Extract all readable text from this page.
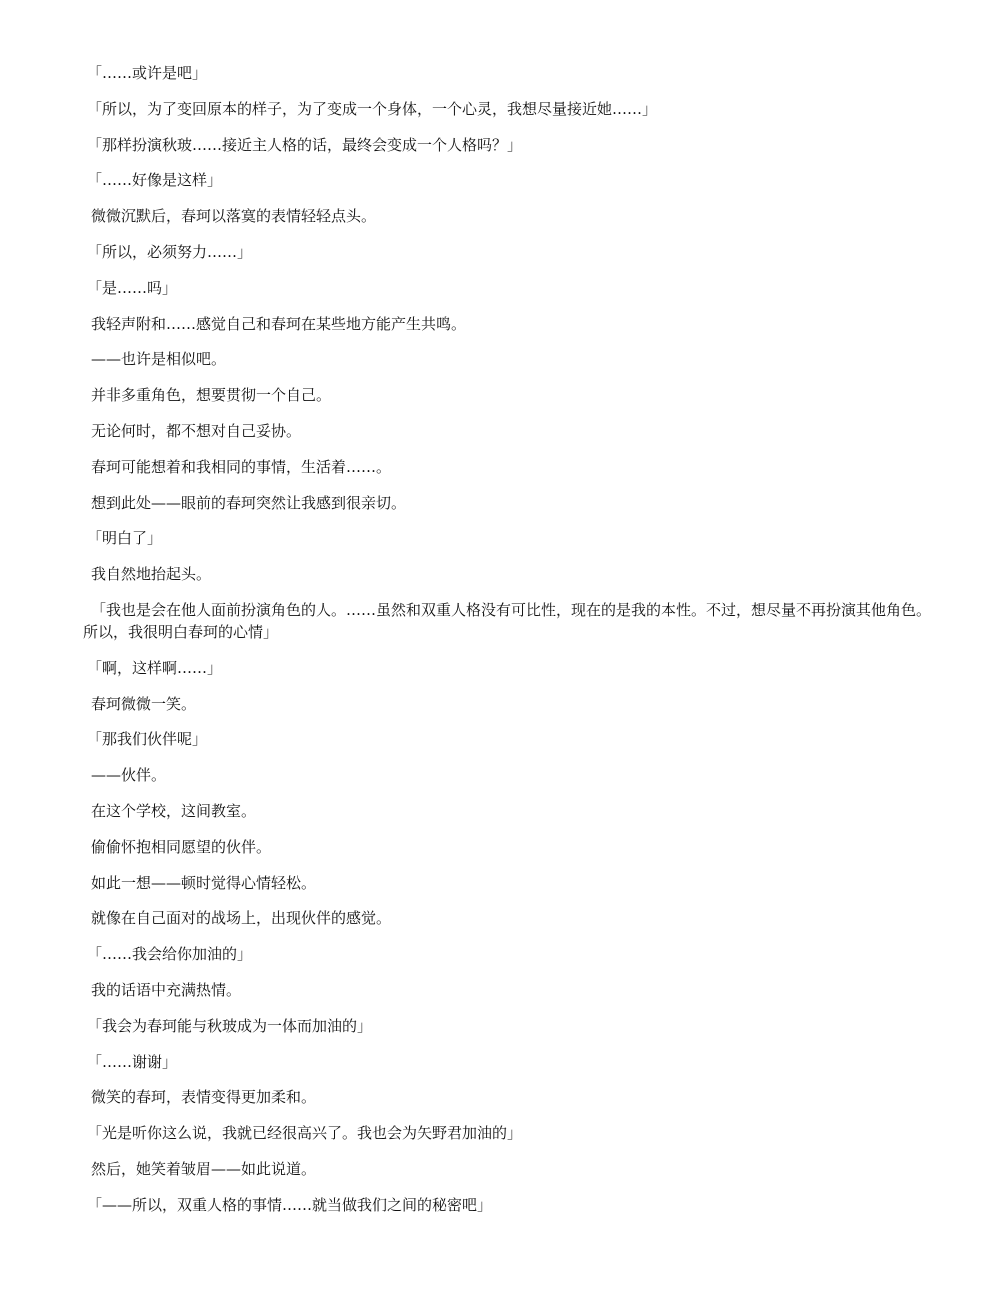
「……或许是吧」

「所以，为了变回原本的样子，为了变成一个身体，一个心灵，我想尽量接近她……」

「那样扮演秋玻……接近主人格的话，最终会变成一个人格吗？」

「……好像是这样」

微微沉默后，春珂以落寞的表情轻轻点头。

「所以，必须努力……」

「是……吗」

我轻声附和……感觉自己和春珂在某些地方能产生共鸣。

——也许是相似吧。

并非多重角色，想要贯彻一个自己。

无论何时，都不想对自己妥协。

春珂可能想着和我相同的事情，生活着……。

想到此处——眼前的春珂突然让我感到很亲切。

「明白了」

我自然地抬起头。

「我也是会在他人面前扮演角色的人。……虽然和双重人格没有可比性，现在的是我的本性。不过，想尽量不再扮演其他角色。所以，我很明白春珂的心情」

「啊，这样啊……」

春珂微微一笑。

「那我们伙伴呢」

——伙伴。

在这个学校，这间教室。

偷偷怀抱相同愿望的伙伴。

如此一想——顿时觉得心情轻松。

就像在自己面对的战场上，出现伙伴的感觉。

「……我会给你加油的」

我的话语中充满热情。

「我会为春珂能与秋玻成为一体而加油的」

「……谢谢」

微笑的春珂，表情变得更加柔和。

「光是听你这么说，我就已经很高兴了。我也会为矢野君加油的」

然后，她笑着皱眉——如此说道。

「——所以，双重人格的事情……就当做我们之间的秘密吧」
